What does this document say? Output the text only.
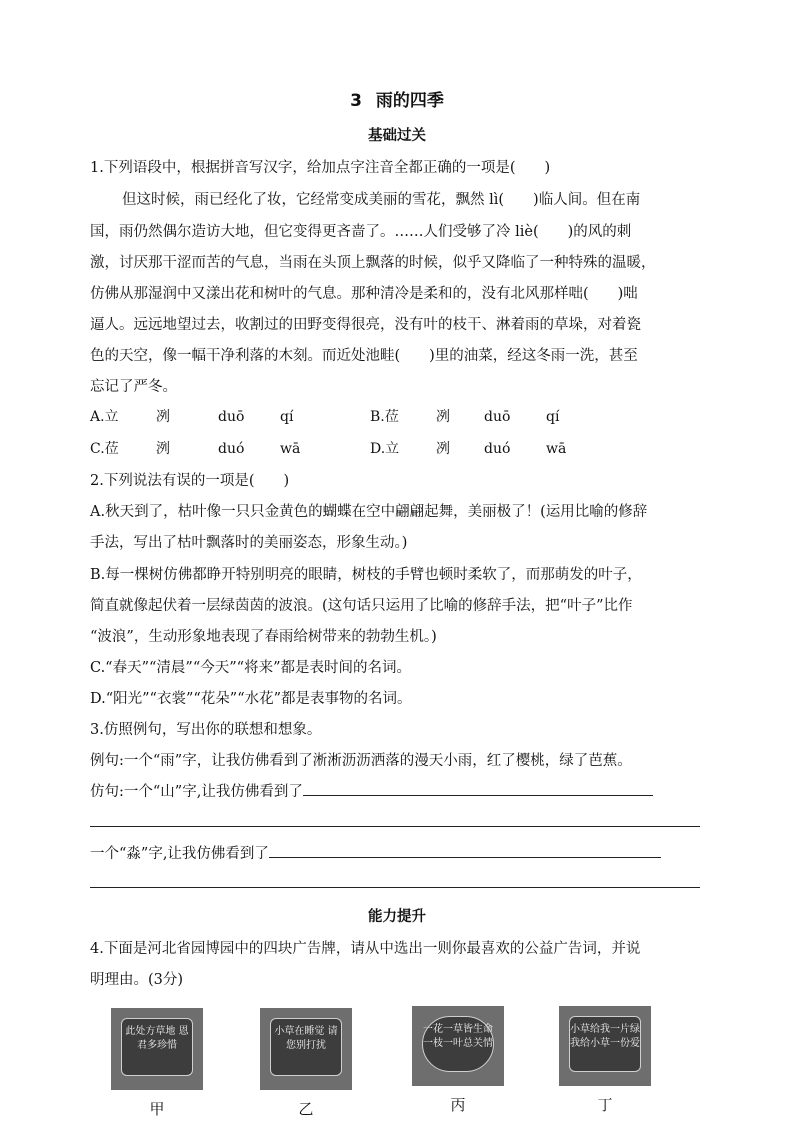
3 雨的四季
基础过关
1.下列语段中，根据拼音写汉字，给加点字注音全都正确的一项是(　　)
但这时候，雨已经化了妆，它经常变成美丽的雪花，飘然 lì(　　)临人间。但在南
国，雨仍然偶尔造访大地，但它变得更吝啬了。……人们受够了冷 liè(　　)的风的刺
激，讨厌那干涩而苦的气息，当雨在头顶上飘落的时候，似乎又降临了一种特殊的温暖，
仿佛从那湿润中又漾出花和树叶的气息。那种清冷是柔和的，没有北风那样咄(　　)咄
逼人。远远地望过去，收割过的田野变得很亮，没有叶的枝干、淋着雨的草垛，对着瓷
色的天空，像一幅干净利落的木刻。而近处池畦(　　)里的油菜，经这冬雨一洗，甚至
忘记了严冬。
A.立	冽	duō	qí	B.莅	冽 duō	qí
C.莅	洌	duó	wā	D.立	冽 duó	wā
2.下列说法有误的一项是(　　)
A.秋天到了，枯叶像一只只金黄色的蝴蝶在空中翩翩起舞，美丽极了！(运用比喻的修辞
手法，写出了枯叶飘落时的美丽姿态，形象生动。)
B.每一棵树仿佛都睁开特别明亮的眼睛，树枝的手臂也顿时柔软了，而那萌发的叶子，
简直就像起伏着一层绿茵茵的波浪。(这句话只运用了比喻的修辞手法，把“叶子”比作
“波浪”，生动形象地表现了春雨给树带来的勃勃生机。)
C.“春天”“清晨”“今天”“将来”都是表时间的名词。
D.“阳光”“衣裳”“花朵”“水花”都是表事物的名词。
3.仿照例句，写出你的联想和想象。
例句:一个“雨”字，让我仿佛看到了淅淅沥沥洒落的漫天小雨，红了樱桃，绿了芭蕉。
仿句:一个“山”字,让我仿佛看到了
一个“淼”字,让我仿佛看到了
能力提升
4.下面是河北省园博园中的四块广告牌，请从中选出一则你最喜欢的公益广告词，并说
明理由。(3分)
此处方草地 恩君多珍惜
小草在睡觉 请您别打扰
一花一草皆生命 一枝一叶总关情
小草给我一片绿 我给小草一份爱
甲	乙	丙	丁
